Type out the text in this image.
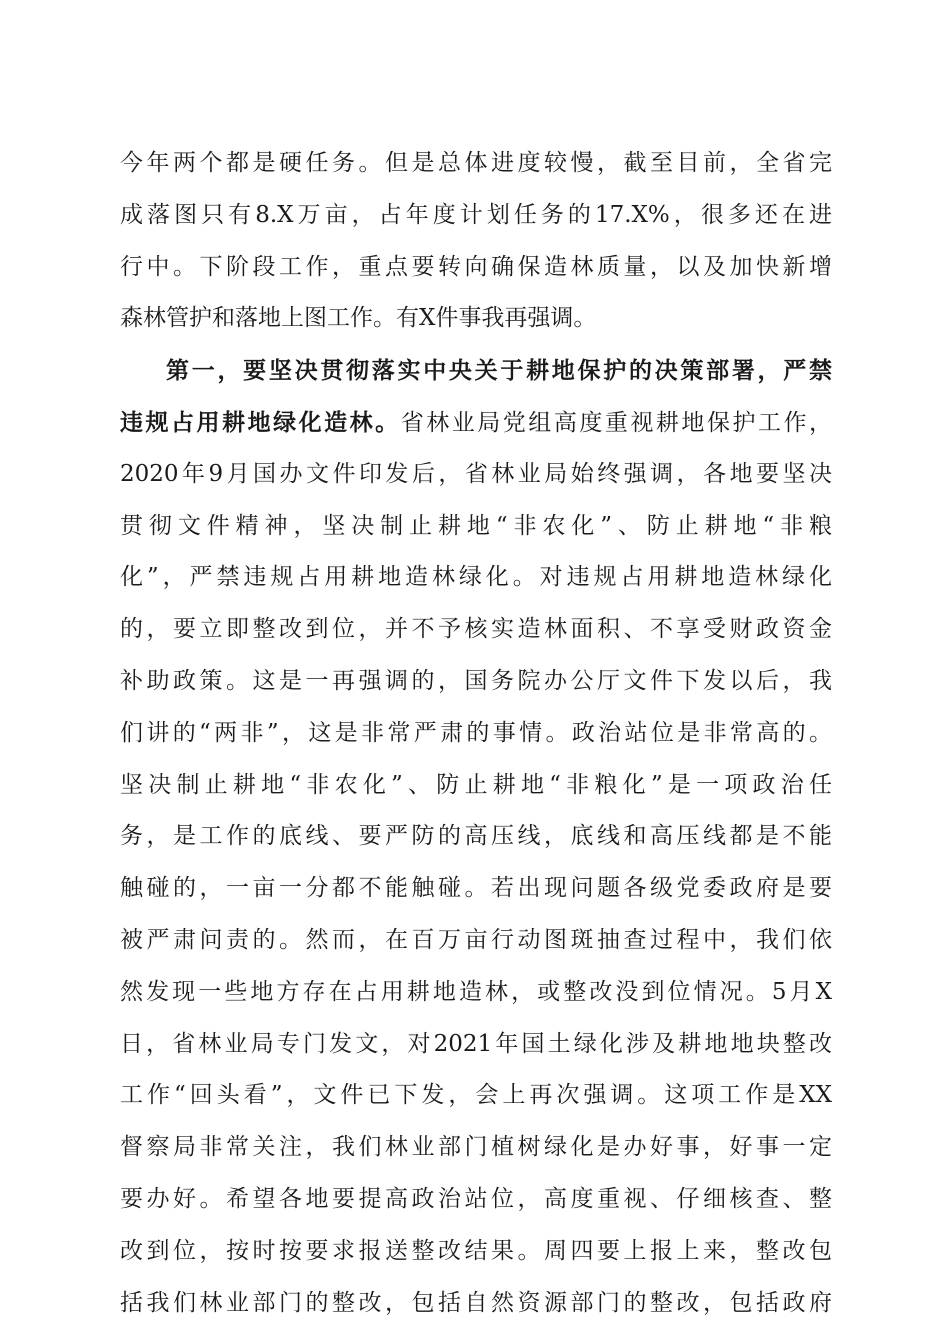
今年两个都是硬任务。但是总体进度较慢，截至目前，全省完
成落图只有8.X万亩，占年度计划任务的17.X%，很多还在进
行中。下阶段工作，重点要转向确保造林质量，以及加快新增
森林管护和落地上图工作。有X件事我再强调。
第一，要坚决贯彻落实中央关于耕地保护的决策部署，严禁
违规占用耕地绿化造林。省林业局党组高度重视耕地保护工作，
2020年9月国办文件印发后，省林业局始终强调，各地要坚决
贯彻文件精神，坚决制止耕地“非农化”、防止耕地“非粮
化”，严禁违规占用耕地造林绿化。对违规占用耕地造林绿化
的，要立即整改到位，并不予核实造林面积、不享受财政资金
补助政策。这是一再强调的，国务院办公厅文件下发以后，我
们讲的“两非”，这是非常严肃的事情。政治站位是非常高的。
坚决制止耕地“非农化”、防止耕地“非粮化”是一项政治任
务，是工作的底线、要严防的高压线，底线和高压线都是不能
触碰的，一亩一分都不能触碰。若出现问题各级党委政府是要
被严肃问责的。然而，在百万亩行动图斑抽查过程中，我们依
然发现一些地方存在占用耕地造林，或整改没到位情况。5月X
日，省林业局专门发文，对2021年国土绿化涉及耕地地块整改
工作“回头看”，文件已下发，会上再次强调。这项工作是XX
督察局非常关注，我们林业部门植树绿化是办好事，好事一定
要办好。希望各地要提高政治站位，高度重视、仔细核查、整
改到位，按时按要求报送整改结果。周四要上报上来，整改包
括我们林业部门的整改，包括自然资源部门的整改，包括政府
